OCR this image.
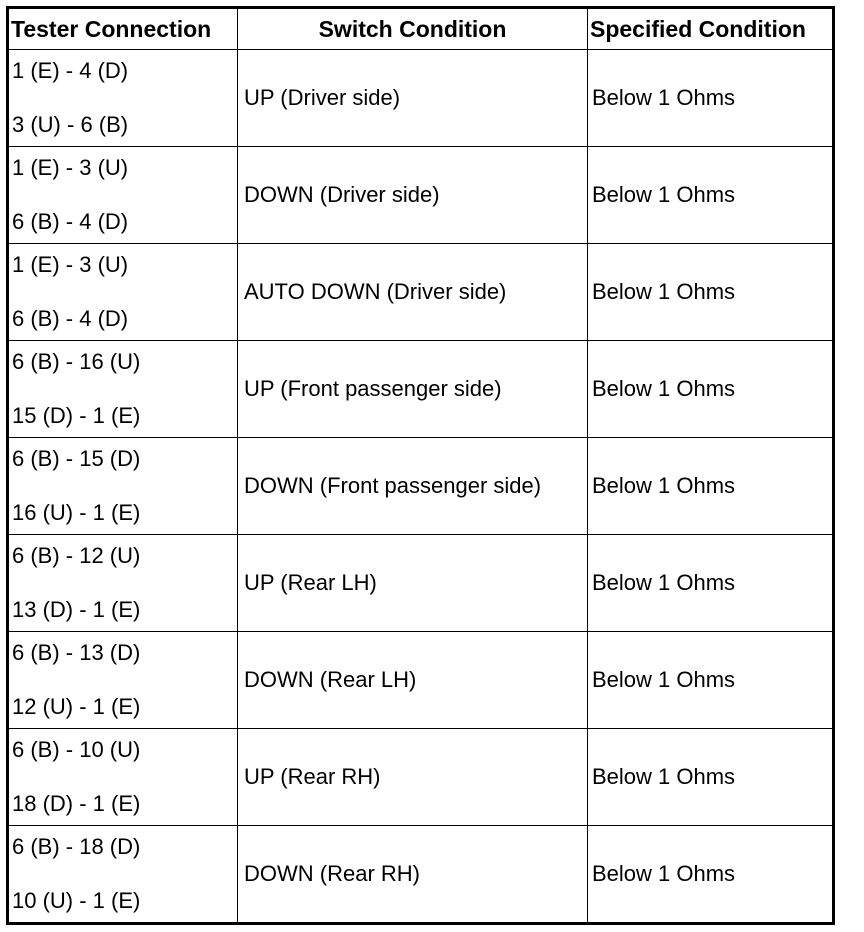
Tester Connection	Switch Condition	Specified Condition

1 (E) - 4 (D)
3 (U) - 6 (B)	UP (Driver side)	Below 1 Ohms

1 (E) - 3 (U)
6 (B) - 4 (D)	DOWN (Driver side)	Below 1 Ohms

1 (E) - 3 (U)
6 (B) - 4 (D)	AUTO DOWN (Driver side)	Below 1 Ohms

6 (B) - 16 (U)
15 (D) - 1 (E)	UP (Front passenger side)	Below 1 Ohms

6 (B) - 15 (D)
16 (U) - 1 (E)	DOWN (Front passenger side)	Below 1 Ohms

6 (B) - 12 (U)
13 (D) - 1 (E)	UP (Rear LH)	Below 1 Ohms

6 (B) - 13 (D)
12 (U) - 1 (E)	DOWN (Rear LH)	Below 1 Ohms

6 (B) - 10 (U)
18 (D) - 1 (E)	UP (Rear RH)	Below 1 Ohms

6 (B) - 18 (D)
10 (U) - 1 (E)	DOWN (Rear RH)	Below 1 Ohms
